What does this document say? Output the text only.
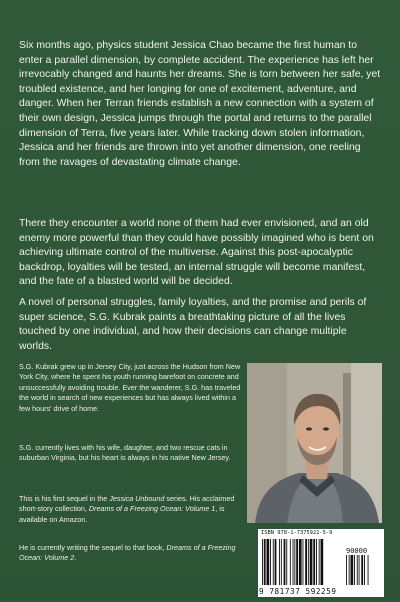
Six months ago, physics student Jessica Chao became the first human to enter a parallel dimension, by complete accident. The experience has left her irrevocably changed and haunts her dreams. She is torn between her safe, yet troubled existence, and her longing for one of excitement, adventure, and danger. When her Terran friends establish a new connection with a system of their own design, Jessica jumps through the portal and returns to the parallel dimension of Terra, five years later. While tracking down stolen information, Jessica and her friends are thrown into yet another dimension, one reeling from the ravages of devastating climate change.

There they encounter a world none of them had ever envisioned, and an old enemy more powerful than they could have possibly imagined who is bent on achieving ultimate control of the multiverse. Against this post-apocalyptic backdrop, loyalties will be tested, an internal struggle will become manifest, and the fate of a blasted world will be decided.

A novel of personal struggles, family loyalties, and the promise and perils of super science, S.G. Kubrak paints a breathtaking picture of all the lives touched by one individual, and how their decisions can change multiple worlds.

S.G. Kubrak grew up in Jersey City, just across the Hudson from New York City, where he spent his youth running barefoot on concrete and unsuccessfully avoiding trouble. Ever the wanderer, S.G. has traveled the world in search of new experiences but has always lived within a few hours' drive of home.

S.G. currently lives with his wife, daughter, and two rescue cats in suburban Virginia, but his heart is always in his native New Jersey.

This is his first sequel in the Jessica Unbound series. His acclaimed short-story collection, Dreams of a Freezing Ocean: Volume 1, is available on Amazon.

He is currently writing the sequel to that book, Dreams of a Freezing Ocean: Volume 2.

ISBN 978-1-7375922-5-9
90000
9 781737 592259
